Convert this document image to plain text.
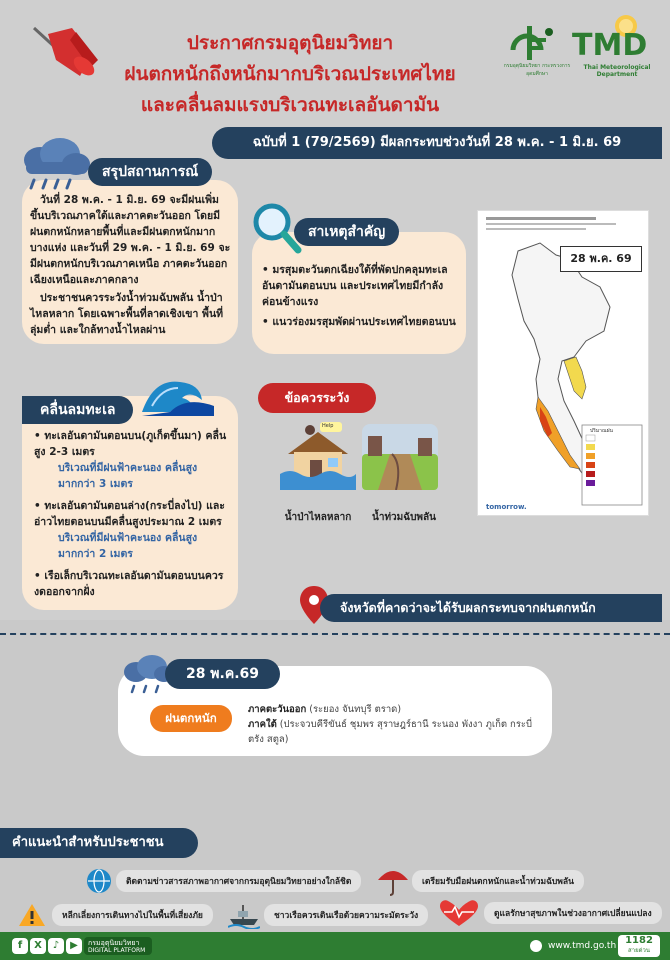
ประกาศกรมอุตุนิยมวิทยา
ฝนตกหนักถึงหนักมากบริเวณประเทศไทย
และคลื่นลมแรงบริเวณทะเลอันดามัน
กรมอุตุนิยมวิทยา กระทรวงการอุดมศึกษา
TMD
Thai Meteorological Department
ฉบับที่ 1 (79/2569) มีผลกระทบช่วงวันที่ 28 พ.ค. - 1 มิ.ย. 69
สรุปสถานการณ์
วันที่ 28 พ.ค. - 1 มิ.ย. 69 จะมีฝนเพิ่มขึ้นบริเวณภาคใต้และภาคตะวันออก โดยมีฝนตกหนักหลายพื้นที่และมีฝนตกหนักมากบางแห่ง และวันที่ 29 พ.ค. - 1 มิ.ย. 69 จะมีฝนตกหนักบริเวณภาคเหนือ ภาคตะวันออกเฉียงเหนือและภาคกลาง
ประชาชนควรระวังน้ำท่วมฉับพลัน น้ำป่าไหลหลาก โดยเฉพาะพื้นที่ลาดเชิงเขา พื้นที่ลุ่มต่ำ และใกล้ทางน้ำไหลผ่าน
สาเหตุสำคัญ
• มรสุมตะวันตกเฉียงใต้ที่พัดปกคลุมทะเลอันดามันตอนบน และประเทศไทยมีกำลังค่อนข้างแรง
• แนวร่องมรสุมพัดผ่านประเทศไทยตอนบน
ปริมาณฝน
tomorrow.
28 พ.ค. 69
คลื่นลมทะเล
• ทะเลอันดามันตอนบน(ภูเก็ตขึ้นมา) คลื่นสูง 2-3 เมตร
บริเวณที่มีฝนฟ้าคะนอง คลื่นสูงมากกว่า 3 เมตร
• ทะเลอันดามันตอนล่าง(กระบี่ลงไป) และอ่าวไทยตอนบนมีคลื่นสูงประมาณ 2 เมตร
บริเวณที่มีฝนฟ้าคะนอง คลื่นสูงมากกว่า 2 เมตร
• เรือเล็กบริเวณทะเลอันดามันตอนบนควรงดออกจากฝั่ง
ข้อควรระวัง
Help
น้ำป่าไหลหลาก	น้ำท่วมฉับพลัน
จังหวัดที่คาดว่าจะได้รับผลกระทบจากฝนตกหนัก
28 พ.ค.69
ฝนตกหนัก
ภาคตะวันออก (ระยอง จันทบุรี ตราด)
ภาคใต้ (ประจวบคีรีขันธ์ ชุมพร สุราษฎร์ธานี ระนอง พังงา ภูเก็ต กระบี่ ตรัง สตูล)
คำแนะนำสำหรับประชาชน
ติดตามข่าวสารสภาพอากาศจากกรมอุตุนิยมวิทยาอย่างใกล้ชิด	เตรียมรับมือฝนตกหนักและน้ำท่วมฉับพลัน
หลีกเลี่ยงการเดินทางไปในพื้นที่เสี่ยงภัย	ชาวเรือควรเดินเรือด้วยความระมัดระวัง	ดูแลรักษาสุขภาพในช่วงอากาศเปลี่ยนแปลง
f	X	♪	▶	กรมอุตุนิยมวิทยา
DIGITAL PLATFORM	www.tmd.go.th 1182
สายด่วน
